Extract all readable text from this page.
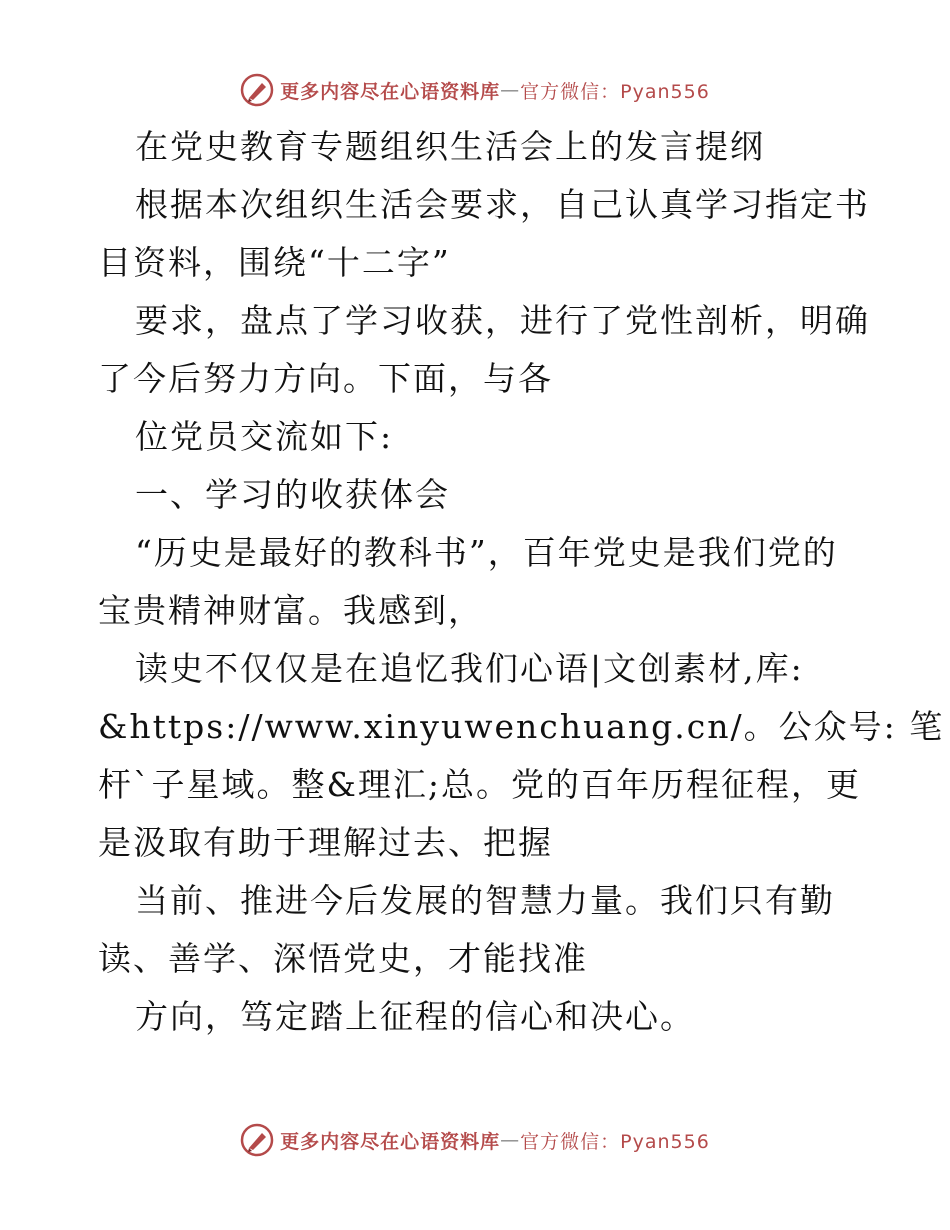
更多内容尽在心语资料库 — 官方微信：Pyan556

在党史教育专题组织生活会上的发言提纲

根据本次组织生活会要求，自己认真学习指定书

目资料，围绕“十二字”

要求，盘点了学习收获，进行了党性剖析，明确

了今后努力方向。下面，与各

位党员交流如下:

一、学习的收获体会

“历史是最好的教科书”，百年党史是我们党的

宝贵精神财富。我感到，

读史不仅仅是在追忆我们心语|文创素材,库:

&https://www.xinyuwenchuang.cn/。公众号: 笔

杆`子星域。整&理汇;总。党的百年历程征程，更

是汲取有助于理解过去、把握

当前、推进今后发展的智慧力量。我们只有勤

读、善学、深悟党史，才能找准

方向，笃定踏上征程的信心和决心。

更多内容尽在心语资料库 — 官方微信：Pyan556
